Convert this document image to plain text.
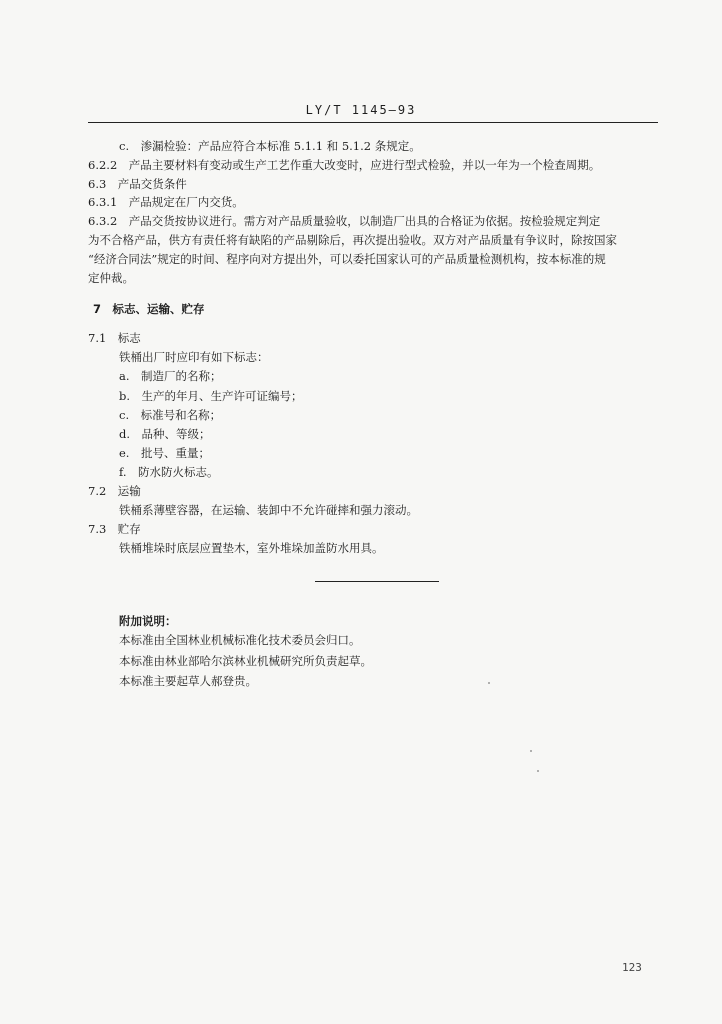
LY/T 1145—93
c.　渗漏检验：产品应符合本标准 5.1.1 和 5.1.2 条规定。
6.2.2　产品主要材料有变动或生产工艺作重大改变时，应进行型式检验，并以一年为一个检查周期。
6.3　产品交货条件
6.3.1　产品规定在厂内交货。
6.3.2　产品交货按协议进行。需方对产品质量验收，以制造厂出具的合格证为依据。按检验规定判定
为不合格产品，供方有责任将有缺陷的产品剔除后，再次提出验收。双方对产品质量有争议时，除按国家
“经济合同法”规定的时间、程序向对方提出外，可以委托国家认可的产品质量检测机构，按本标准的规
定仲裁。
7　标志、运输、贮存
7.1　标志
铁桶出厂时应印有如下标志：
a.　制造厂的名称；
b.　生产的年月、生产许可证编号；
c.　标准号和名称；
d.　品种、等级；
e.　批号、重量；
f.　防水防火标志。
7.2　运输
铁桶系薄壁容器，在运输、装卸中不允许碰摔和强力滚动。
7.3　贮存
铁桶堆垛时底层应置垫木，室外堆垛加盖防水用具。
附加说明：
本标准由全国林业机械标准化技术委员会归口。
本标准由林业部哈尔滨林业机械研究所负责起草。
本标准主要起草人郝登贵。
123
